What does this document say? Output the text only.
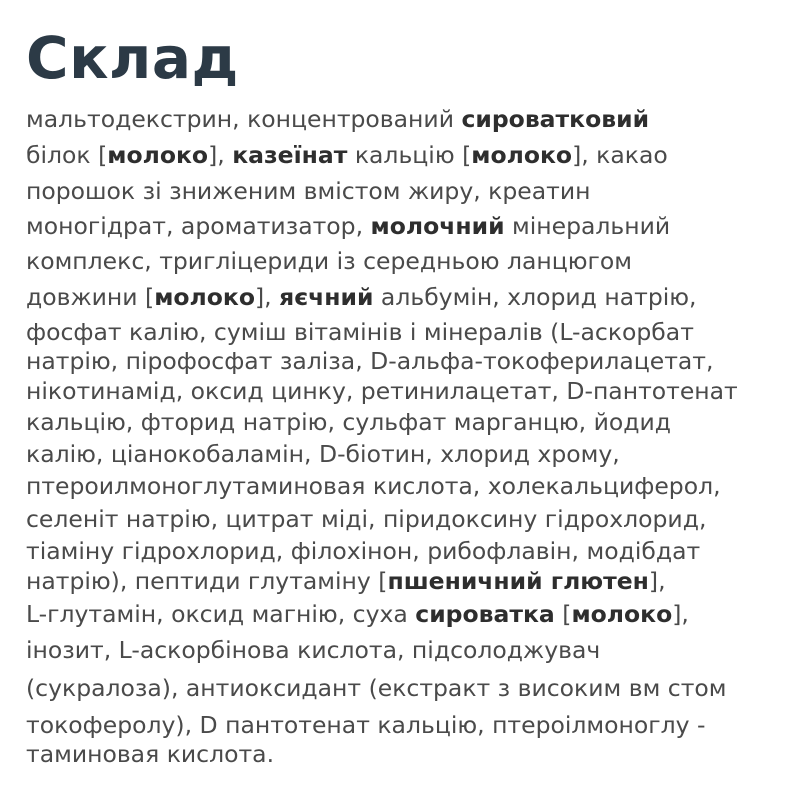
Склад
мальтодекстрин, концентрований сироватковий
білок [молоко], казеїнат кальцію [молоко], какао
порошок зі зниженим вмістом жиру, креатин
моногідрат, ароматизатор, молочний мінеральний
комплекс, тригліцериди із середньою ланцюгом
довжини [молоко], яєчний альбумін, хлорид натрію,
фосфат калію, суміш вітамінів і мінералів (L-аскорбат
натрію, пірофосфат заліза, D-альфа-токоферилацетат,
нікотинамід, оксид цинку, ретинилацетат, D-пантотенат
кальцію, фторид натрію, сульфат марганцю, йодид
калію, ціанокобаламін, D-біотин, хлорид хрому,
птероилмоноглутаминовая кислота, холекальциферол,
селеніт натрію, цитрат міді, піридоксину гідрохлорид,
тіаміну гідрохлорид, філохінон, рибофлавін, модібдат
натрію), пептиди глутаміну [пшеничний глютен],
L-глутамін, оксид магнію, суха сироватка [молоко],
інозит, L-аскорбінова кислота, підсолоджувач
(сукралоза), антиоксидант (екстракт з високим вм стом
токоферолу), D пантотенат кальцію, птероілмоноглу -
таминовая кислота.
